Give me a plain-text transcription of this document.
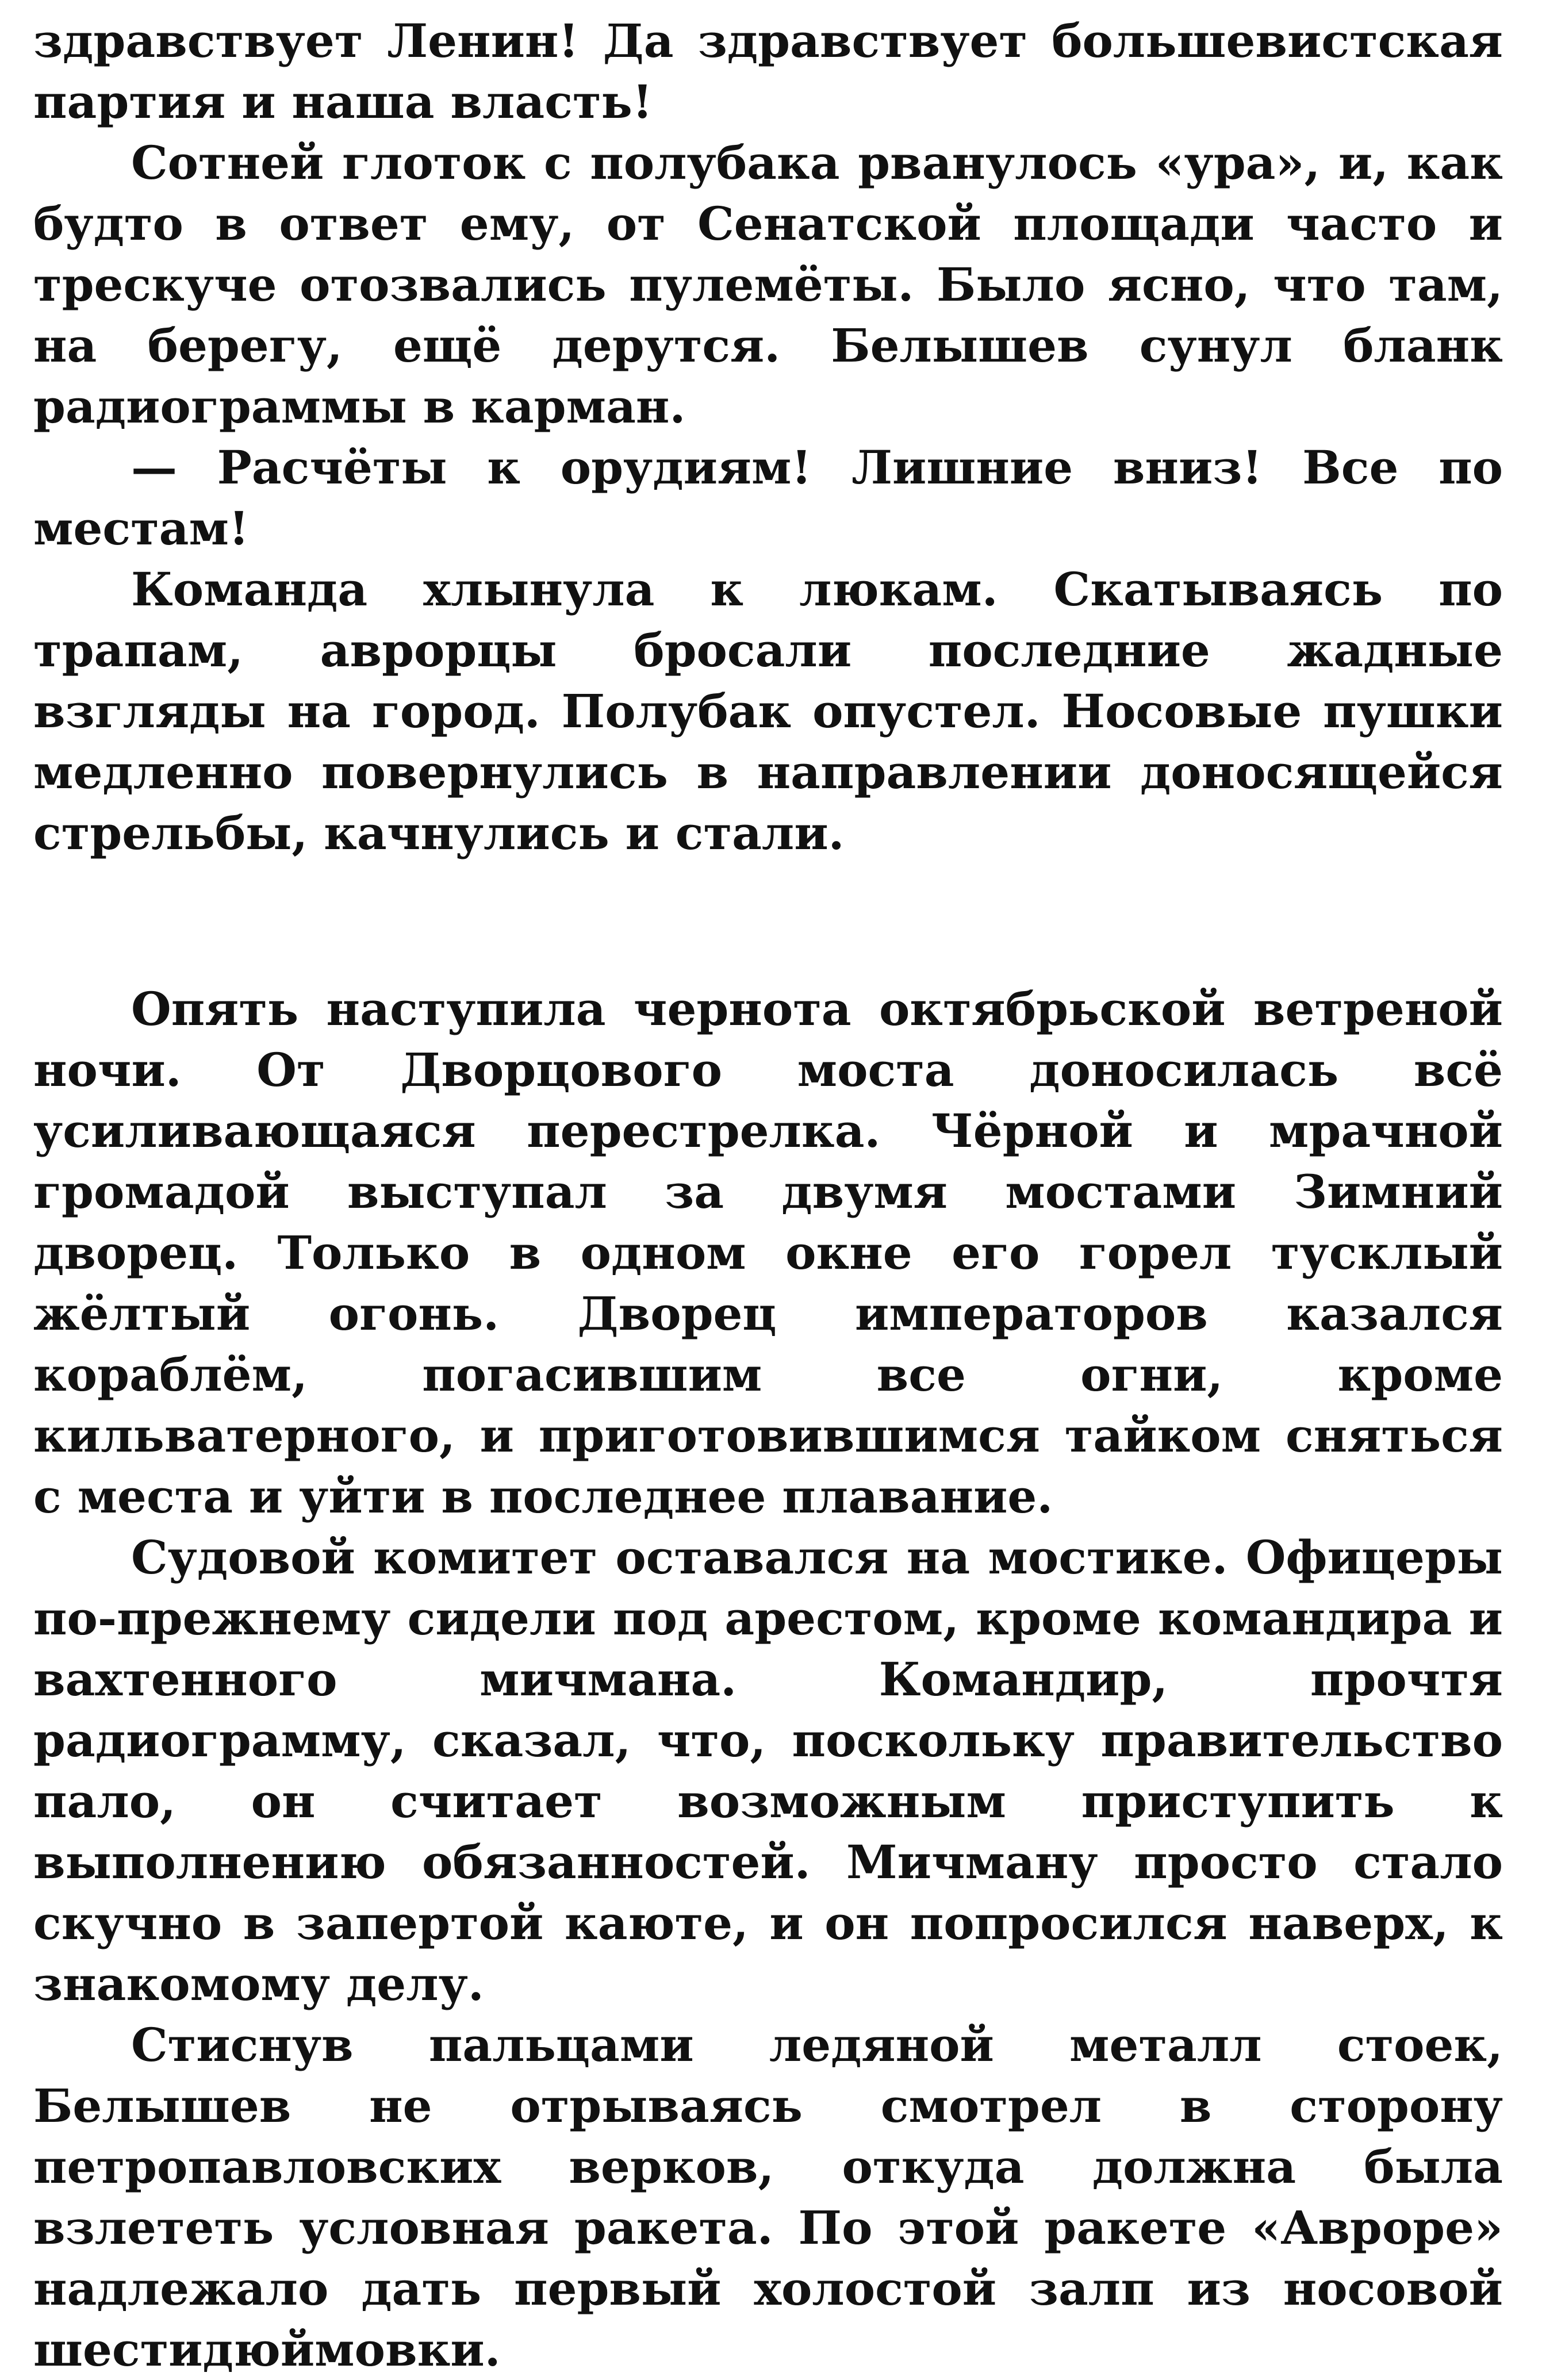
здравствует Ленин! Да здравствует большевистская партия и наша власть!

Сотней глоток с полубака рванулось «ура», и, как будто в ответ ему, от Сенатской площади часто и трескуче отозвались пулемёты. Было ясно, что там, на берегу, ещё дерутся. Белышев сунул бланк радиограммы в карман.

— Расчёты к орудиям! Лишние вниз! Все по местам!

Команда хлынула к люкам. Скатываясь по трапам, аврорцы бросали последние жадные взгляды на город. Полубак опустел. Носовые пушки медленно повернулись в направлении доносящейся стрельбы, качнулись и стали.

Опять наступила чернота октябрьской ветреной ночи. От Дворцового моста доносилась всё усиливающаяся перестрелка. Чёрной и мрачной громадой выступал за двумя мостами Зимний дворец. Только в одном окне его горел тусклый жёлтый огонь. Дворец императоров казался кораблём, погасившим все огни, кроме кильватерного, и приготовившимся тайком сняться с места и уйти в последнее плавание.

Судовой комитет оставался на мостике. Офицеры по-прежнему сидели под арестом, кроме командира и вахтенного мичмана. Командир, прочтя радиограмму, сказал, что, поскольку правительство пало, он считает возможным приступить к выполнению обязанностей. Мичману просто стало скучно в запертой каюте, и он попросился наверх, к знакомому делу.

Стиснув пальцами ледяной металл стоек, Белышев не отрываясь смотрел в сторону петропавловских верков, откуда должна была взлететь условная ракета. По этой ракете «Авроре» надлежало дать первый холостой залп из носовой шестидюймовки.
